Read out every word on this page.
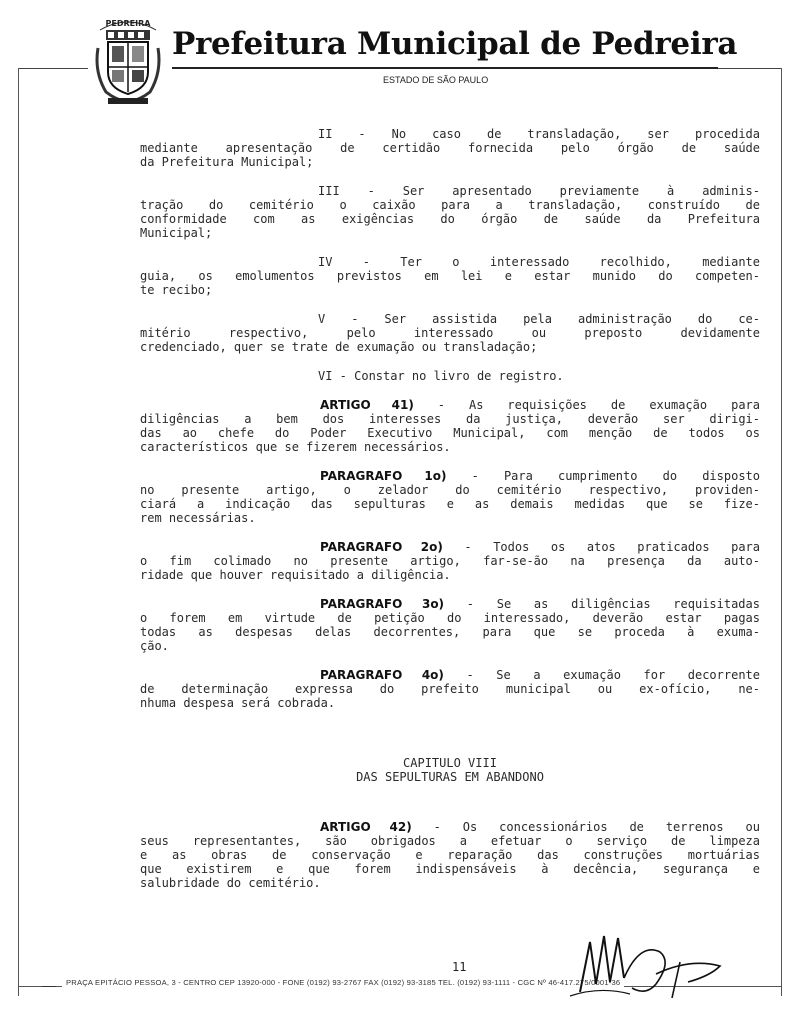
PEDREIRA
Prefeitura Municipal de Pedreira

ESTADO DE SÃO PAULO

II - No caso de transladação, ser procedida

mediante apresentação de certidão fornecida pelo órgão de saúde

da Prefeitura Municipal;

III - Ser apresentado previamente à adminis-

tração do cemitério o caixão para a transladação, construído de

conformidade com as exigências do órgão de saúde da Prefeitura

Municipal;

IV - Ter o interessado recolhido, mediante

guia, os emolumentos previstos em lei e estar munido do competen-

te recibo;

V - Ser assistida pela administração do ce-

mitério respectivo, pelo interessado ou preposto devidamente

credenciado, quer se trate de exumação ou transladação;

VI - Constar no livro de registro.

ARTIGO 41) - As requisições de exumação para

diligências a bem dos interesses da justiça, deverão ser dirigi-

das ao chefe do Poder Executivo Municipal, com menção de todos os

característicos que se fizerem necessários.

PARAGRAFO 1o) - Para cumprimento do disposto

no presente artigo, o zelador do cemitério respectivo, providen-

ciará a indicação das sepulturas e as demais medidas que se fize-

rem necessárias.

PARAGRAFO 2o) - Todos os atos praticados para

o fim colimado no presente artigo, far-se-ão na presença da auto-

ridade que houver requisitado a diligência.

PARAGRAFO 3o) - Se as diligências requisitadas

o forem em virtude de petição do interessado, deverão estar pagas

todas as despesas delas decorrentes, para que se proceda à exuma-

ção.

PARAGRAFO 4o) - Se a exumação for decorrente

de determinação expressa do prefeito municipal ou ex-ofício, ne-

nhuma despesa será cobrada.

CAPITULO VIII

DAS SEPULTURAS EM ABANDONO

ARTIGO 42) - Os concessionários de terrenos ou

seus representantes, são obrigados a efetuar o serviço de limpeza

e as obras de conservação e reparação das construções mortuárias

que existirem e que forem indispensáveis à decência, segurança e

salubridade do cemitério.

11

PRAÇA EPITÁCIO PESSOA, 3 - CENTRO CEP 13920-000 - FONE (0192) 93-2767 FAX (0192) 93-3185 TEL. (0192) 93-1111 - CGC Nº 46-417.275/0001-36
